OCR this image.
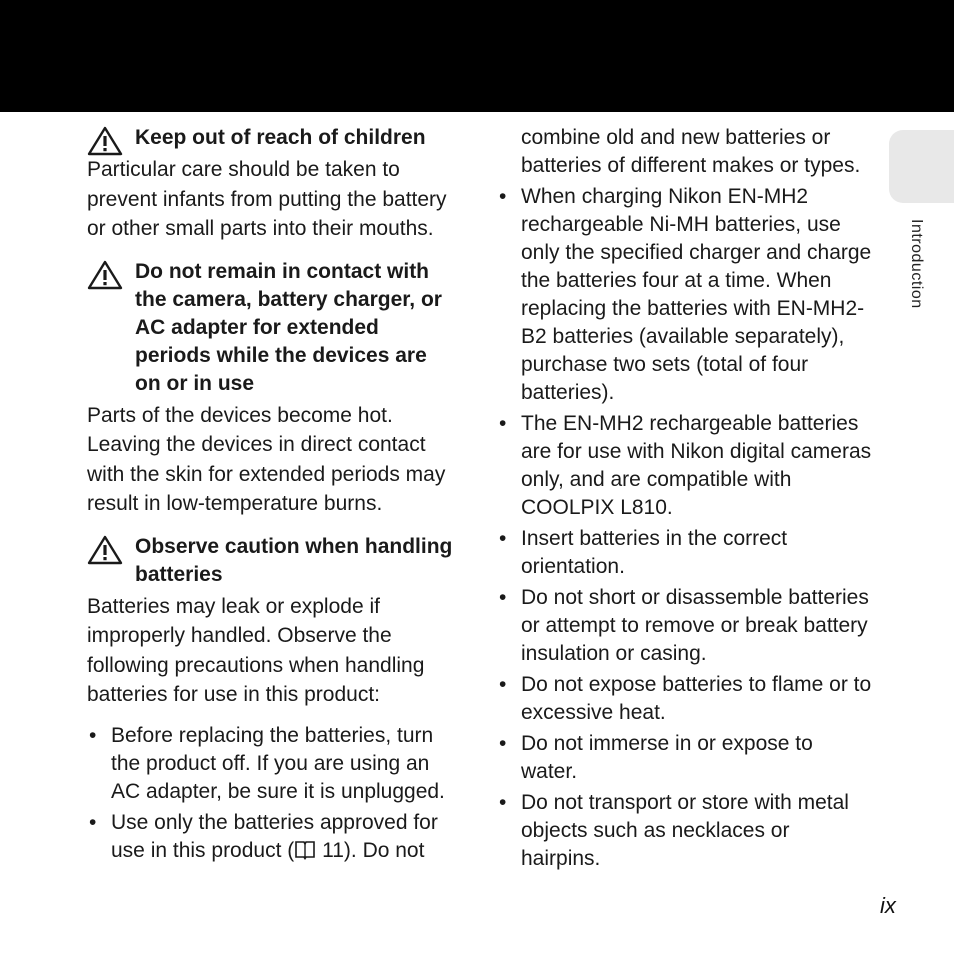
Introduction
Keep out of reach of children

Particular care should be taken to prevent infants from putting the battery or other small parts into their mouths.

Do not remain in contact with the camera, battery charger, or AC adapter for extended periods while the devices are on or in use

Parts of the devices become hot. Leaving the devices in direct contact with the skin for extended periods may result in low-temperature burns.

Observe caution when handling batteries

Batteries may leak or explode if improperly handled. Observe the following precautions when handling batteries for use in this product:

• Before replacing the batteries, turn the product off. If you are using an AC adapter, be sure it is unplugged.
• Use only the batteries approved for use in this product ( 11). Do not
combine old and new batteries or batteries of different makes or types.
• When charging Nikon EN-MH2 rechargeable Ni-MH batteries, use only the specified charger and charge the batteries four at a time. When replacing the batteries with EN-MH2-B2 batteries (available separately), purchase two sets (total of four batteries).
• The EN-MH2 rechargeable batteries are for use with Nikon digital cameras only, and are compatible with COOLPIX L810.
• Insert batteries in the correct orientation.
• Do not short or disassemble batteries or attempt to remove or break battery insulation or casing.
• Do not expose batteries to flame or to excessive heat.
• Do not immerse in or expose to water.
• Do not transport or store with metal objects such as necklaces or hairpins.
ix
